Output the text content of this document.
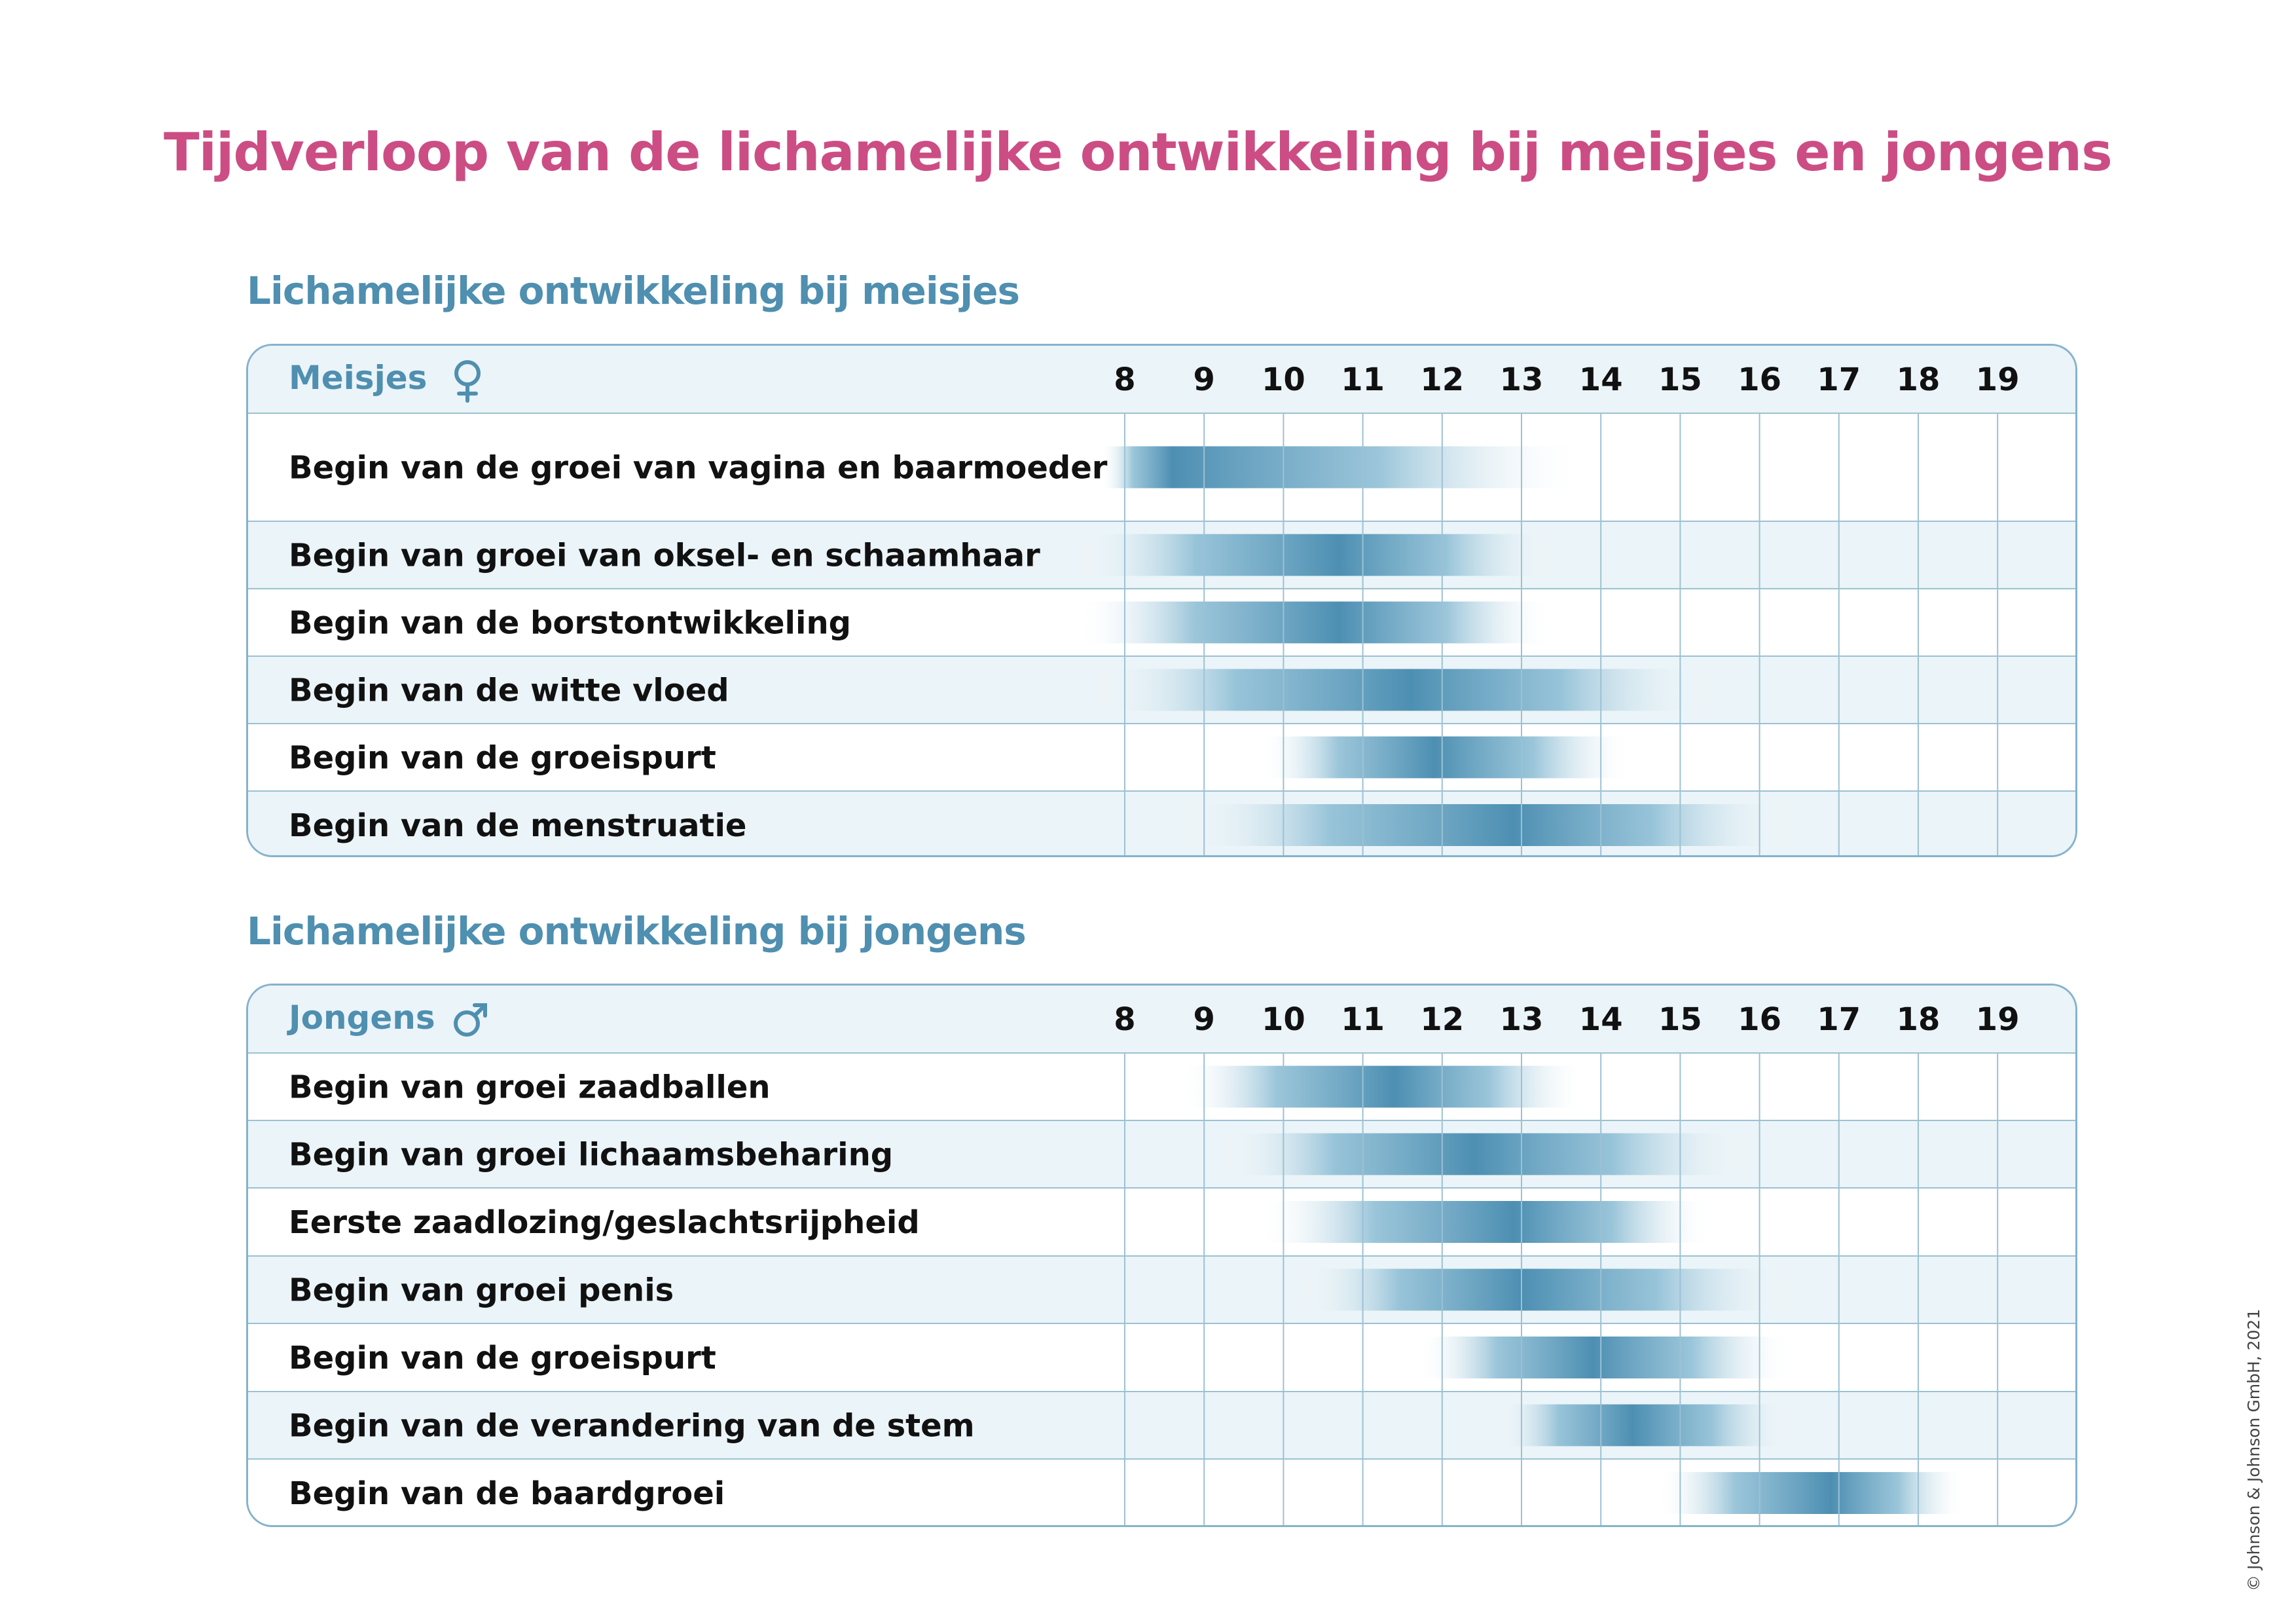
Tijdverloop van de lichamelijke ontwikkeling bij meisjes en jongens
Lichamelijke ontwikkeling bij meisjes
8 9 10 11 12 13 14 15 16 17 18 19
Begin van de groei van vagina en baarmoeder
Begin van groei van oksel- en schaamhaar
Begin van de borstontwikkeling
Begin van de witte vloed
Begin van de groeispurt
Begin van de menstruatie
Meisjes
Lichamelijke ontwikkeling bij jongens
8 9 10 11 12 13 14 15 16 17 18 19
Begin van groei zaadballen
Begin van groei lichaamsbeharing
Eerste zaadlozing/geslachtsrijpheid
Begin van groei penis
Begin van de groeispurt
Begin van de verandering van de stem
Begin van de baardgroei
Jongens
© Johnson & Johnson GmbH, 2021
